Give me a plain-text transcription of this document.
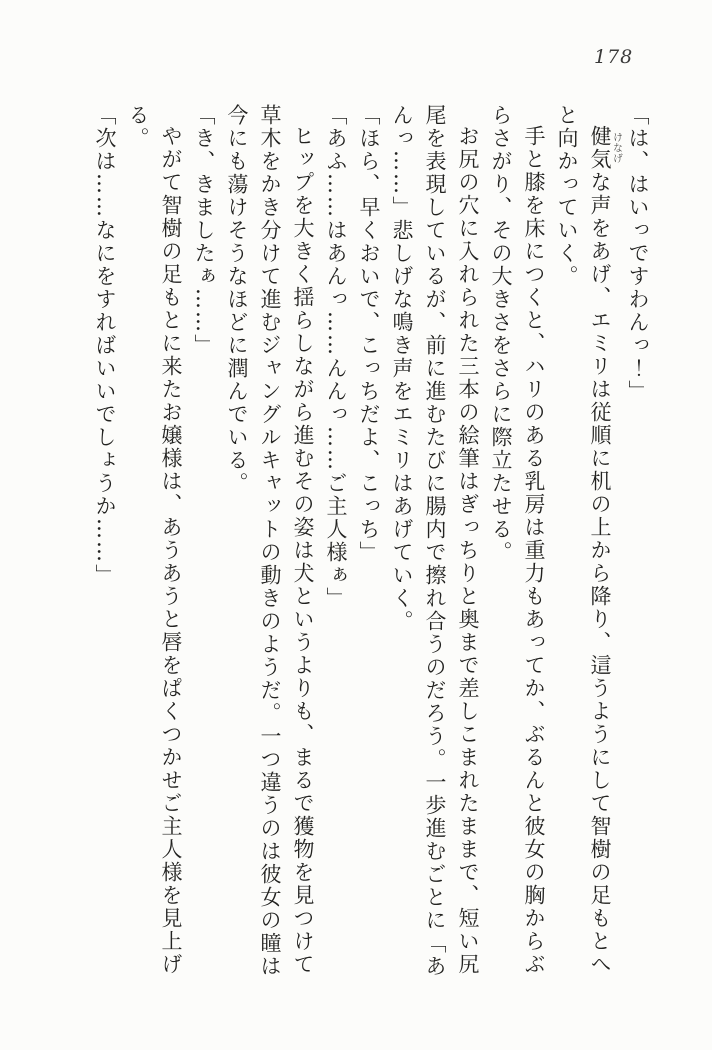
178

「は、はいっですわんっ！」

健気けなげな声をあげ、エミリは従順に机の上から降り、這うようにして智樹の足もとへ

と向かっていく。

手と膝を床につくと、ハリのある乳房は重力もあってか、ぶるんと彼女の胸からぶ

らさがり、その大きさをさらに際立たせる。

お尻の穴に入れられた三本の絵筆はぎっちりと奥まで差しこまれたままで、短い尻

尾を表現しているが、前に進むたびに腸内で擦れ合うのだろう。一歩進むごとに「あ

んっ……」悲しげな鳴き声をエミリはあげていく。

「ほら、早くおいで、こっちだよ、こっち」

「あふ……はあんっ……んんっ……ご主人様ぁ」

ヒップを大きく揺らしながら進むその姿は犬というよりも、まるで獲物を見つけて

草木をかき分けて進むジャングルキャットの動きのようだ。一つ違うのは彼女の瞳は

今にも蕩けそうなほどに潤んでいる。

「き、きましたぁ……」

やがて智樹の足もとに来たお嬢様は、あうあうと唇をぱくつかせご主人様を見上げ

る。

「次は……なにをすればいいでしょうか……」
